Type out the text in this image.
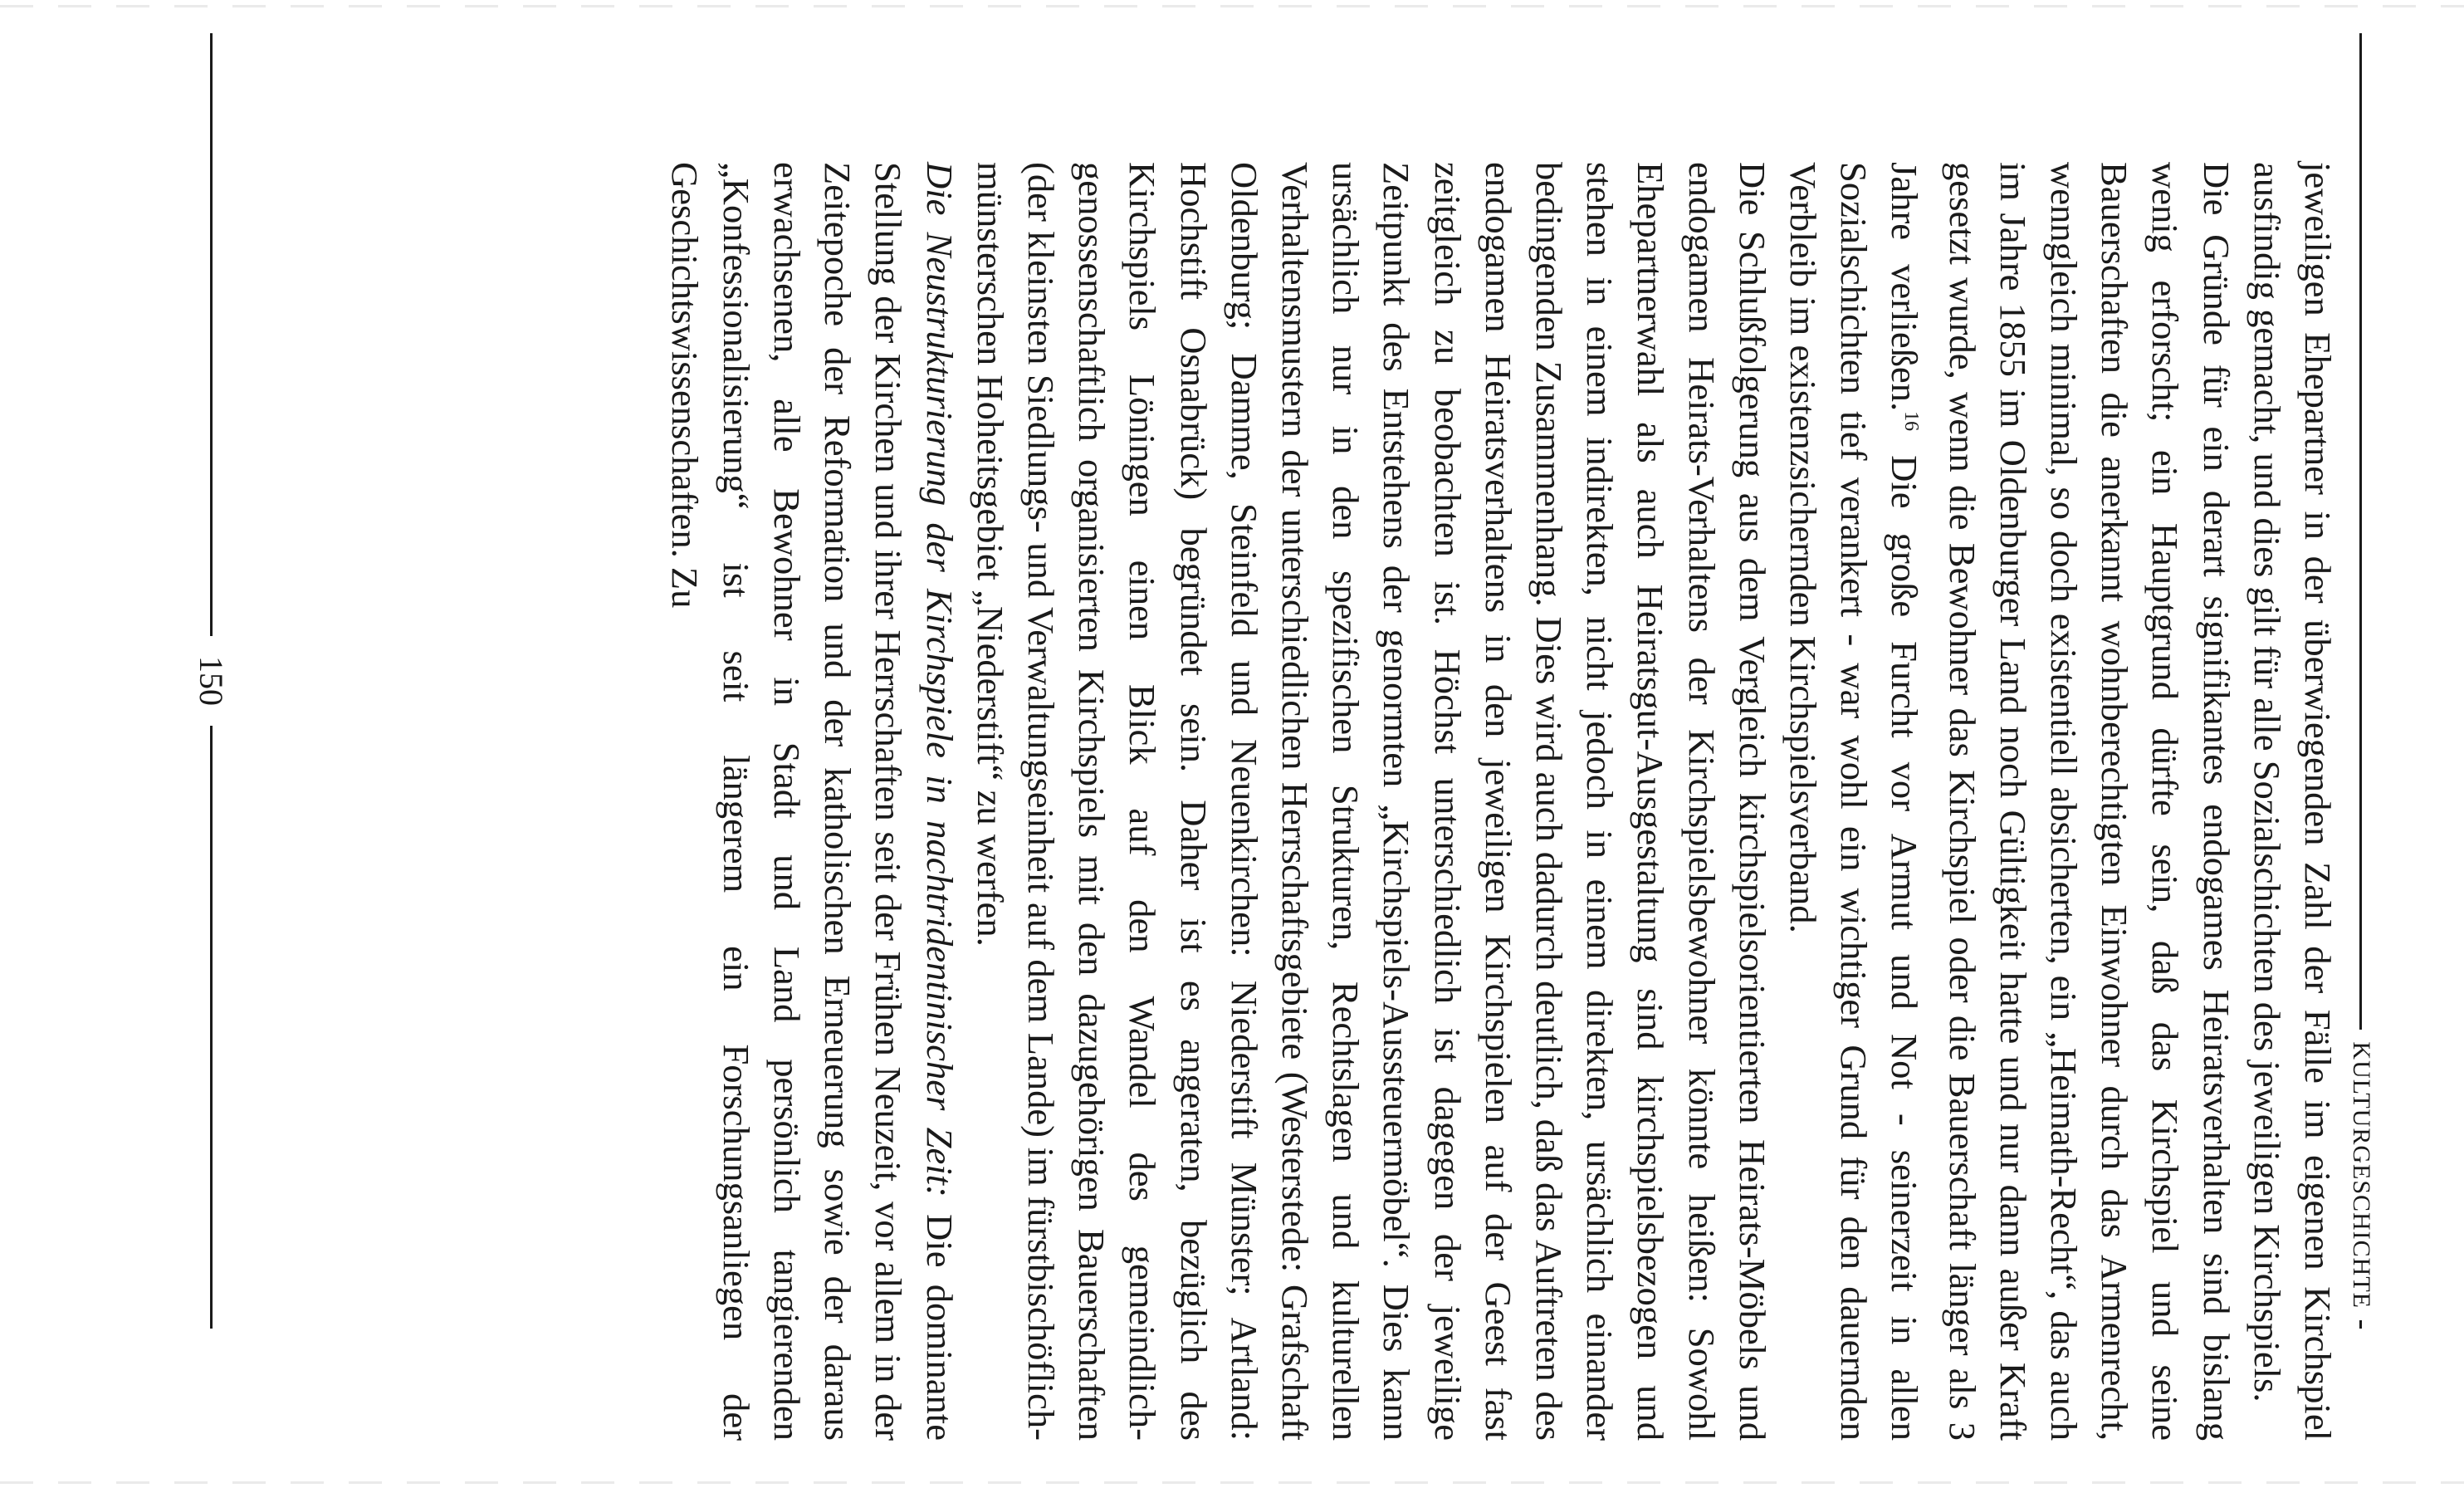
KULTURGESCHICHTE

jeweiligen Ehepartner in der überwiegenden Zahl der Fälle im eigenen Kirchspiel ausfindig gemacht, und dies gilt für alle Sozialschichten des jeweiligen Kirchspiels.

Die Gründe für ein derart signifikantes endogames Heiratsverhalten sind bislang wenig erforscht; ein Hauptgrund dürfte sein, daß das Kirchspiel und seine Bauerschaften die anerkannt wohnberechtigten Einwohner durch das Armenrecht, wenngleich minimal, so doch existentiell absicherten, ein „Heimath-Recht“, das auch im Jahre 1855 im Oldenburger Land noch Gültigkeit hatte und nur dann außer Kraft gesetzt wurde, wenn die Bewohner das Kirchspiel oder die Bauerschaft länger als 3 Jahre verließen.$^{16}$ Die große Furcht vor Armut und Not - seinerzeit in allen Sozialschichten tief verankert - war wohl ein wichtiger Grund für den dauernden Verbleib im existenzsichernden Kirchspielsverband.

Die Schlußfolgerung aus dem Vergleich kirchspielsorientierten Heirats-Möbels und endogamen Heirats-Verhaltens der Kirchspielsbewohner könnte heißen: Sowohl Ehepartnerwahl als auch Heiratsgut-Ausgestaltung sind kirchspielsbezogen und stehen in einem indirekten, nicht jedoch in einem direkten, ursächlich einander bedingenden Zusammenhang. Dies wird auch dadurch deutlich, daß das Auftreten des endogamen Heiratsverhaltens in den jeweiligen Kirchspielen auf der Geest fast zeitgleich zu beobachten ist. Höchst unterschiedlich ist dagegen der jeweilige Zeitpunkt des Entstehens der genormten „Kirchspiels-Aussteuermöbel“. Dies kann ursächlich nur in den spezifischen Strukturen, Rechtslagen und kulturellen Verhaltensmustern der unterschiedlichen Herrschaftsgebiete (Westerstede: Grafschaft Oldenburg; Damme, Steinfeld und Neuenkirchen: Niederstift Münster; Artland: Hochstift Osnabrück) begründet sein. Daher ist es angeraten, bezüglich des Kirchspiels Löningen einen Blick auf den Wandel des gemeindlich-genossenschaftlich organisierten Kirchspiels mit den dazugehörigen Bauerschaften (der kleinsten Siedlungs- und Verwaltungseinheit auf dem Lande) im fürstbischöflich-münsterschen Hoheitsgebiet „Niederstift“ zu werfen.

Die Neustrukturierung der Kirchspiele in nachtridentinischer Zeit: Die dominante Stellung der Kirchen und ihrer Herrschaften seit der Frühen Neuzeit, vor allem in der Zeitepoche der Reformation und der katholischen Erneuerung sowie der daraus erwachsenen, alle Bewohner in Stadt und Land persönlich tangierenden „Konfessionalisierung“ ist seit längerem ein Forschungsanliegen der Geschichtswissenschaften. Zu

150
